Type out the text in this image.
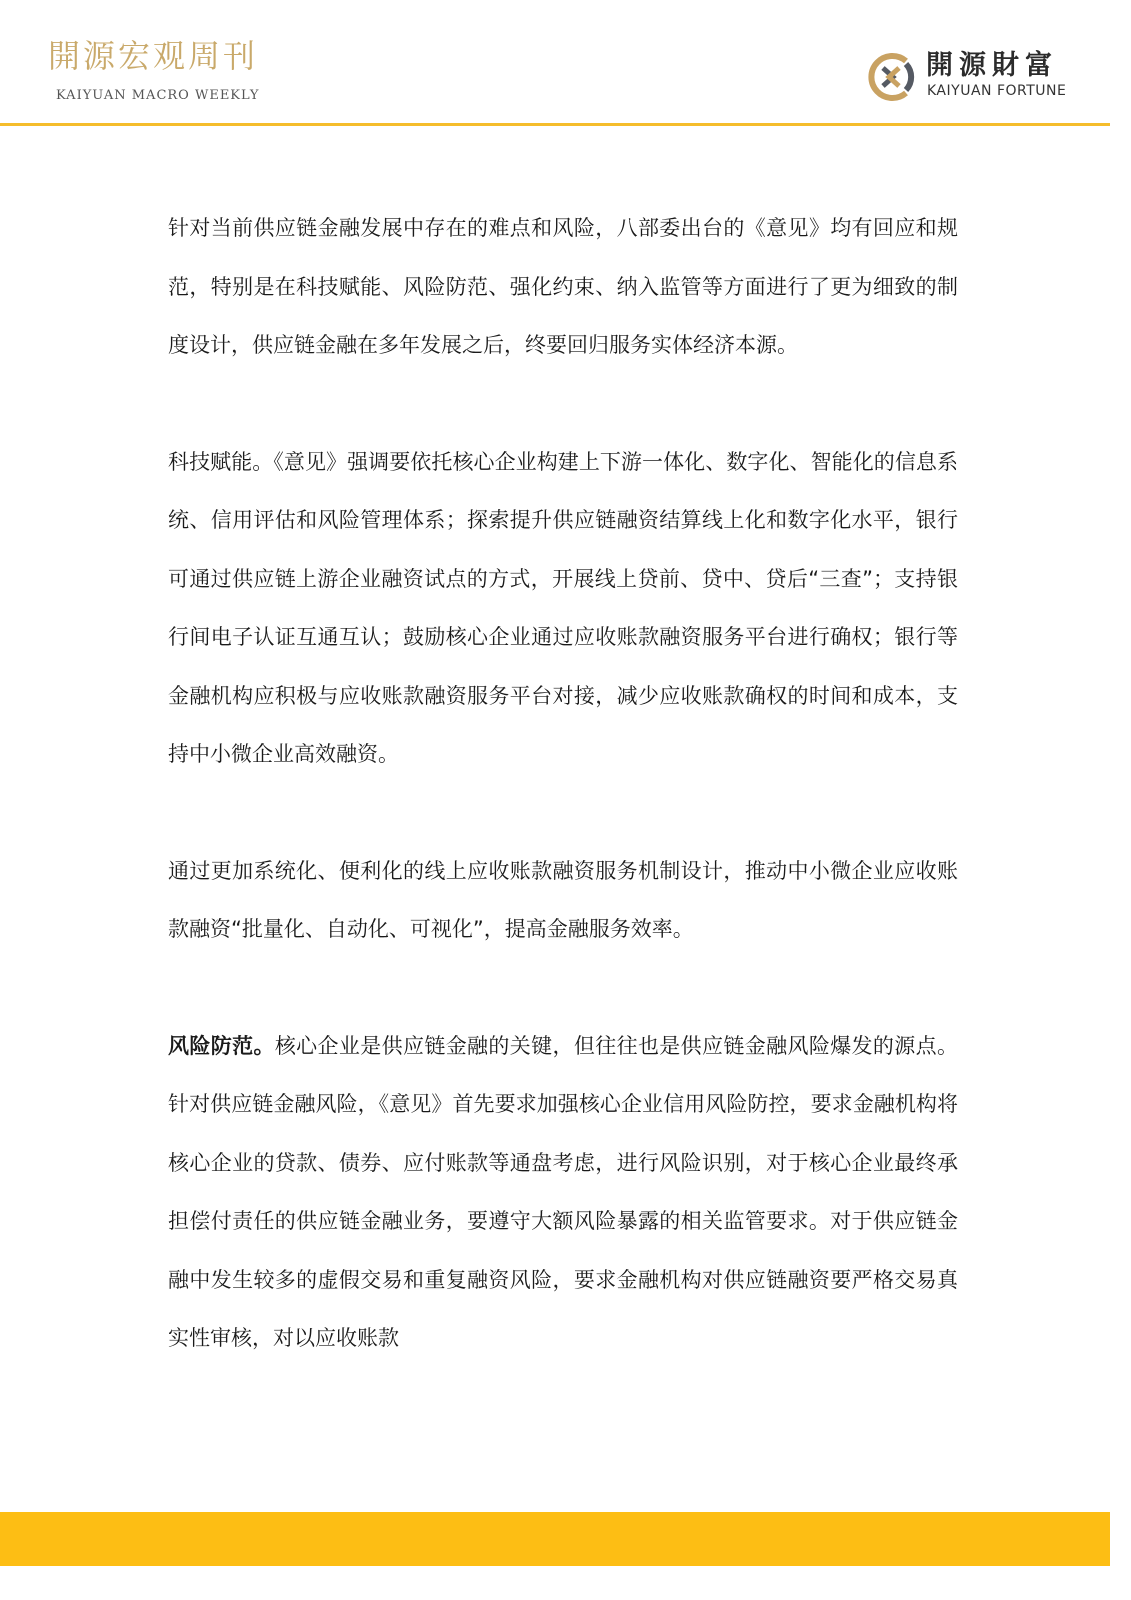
開源宏观周刊
KAIYUAN MACRO WEEKLY
開源財富
KAIYUAN FORTUNE

针对当前供应链金融发展中存在的难点和风险，八部委出台的《意见》均有回应和规范，特别是在科技赋能、风险防范、强化约束、纳入监管等方面进行了更为细致的制度设计，供应链金融在多年发展之后，终要回归服务实体经济本源。

科技赋能。《意见》强调要依托核心企业构建上下游一体化、数字化、智能化的信息系统、信用评估和风险管理体系；探索提升供应链融资结算线上化和数字化水平，银行可通过供应链上游企业融资试点的方式，开展线上贷前、贷中、贷后“三查”；支持银行间电子认证互通互认；鼓励核心企业通过应收账款融资服务平台进行确权；银行等金融机构应积极与应收账款融资服务平台对接，减少应收账款确权的时间和成本，支持中小微企业高效融资。

通过更加系统化、便利化的线上应收账款融资服务机制设计，推动中小微企业应收账款融资“批量化、自动化、可视化”，提高金融服务效率。

风险防范。核心企业是供应链金融的关键，但往往也是供应链金融风险爆发的源点。针对供应链金融风险，《意见》首先要求加强核心企业信用风险防控，要求金融机构将核心企业的贷款、债券、应付账款等通盘考虑，进行风险识别，对于核心企业最终承担偿付责任的供应链金融业务，要遵守大额风险暴露的相关监管要求。对于供应链金融中发生较多的虚假交易和重复融资风险，要求金融机构对供应链融资要严格交易真实性审核，对以应收账款
